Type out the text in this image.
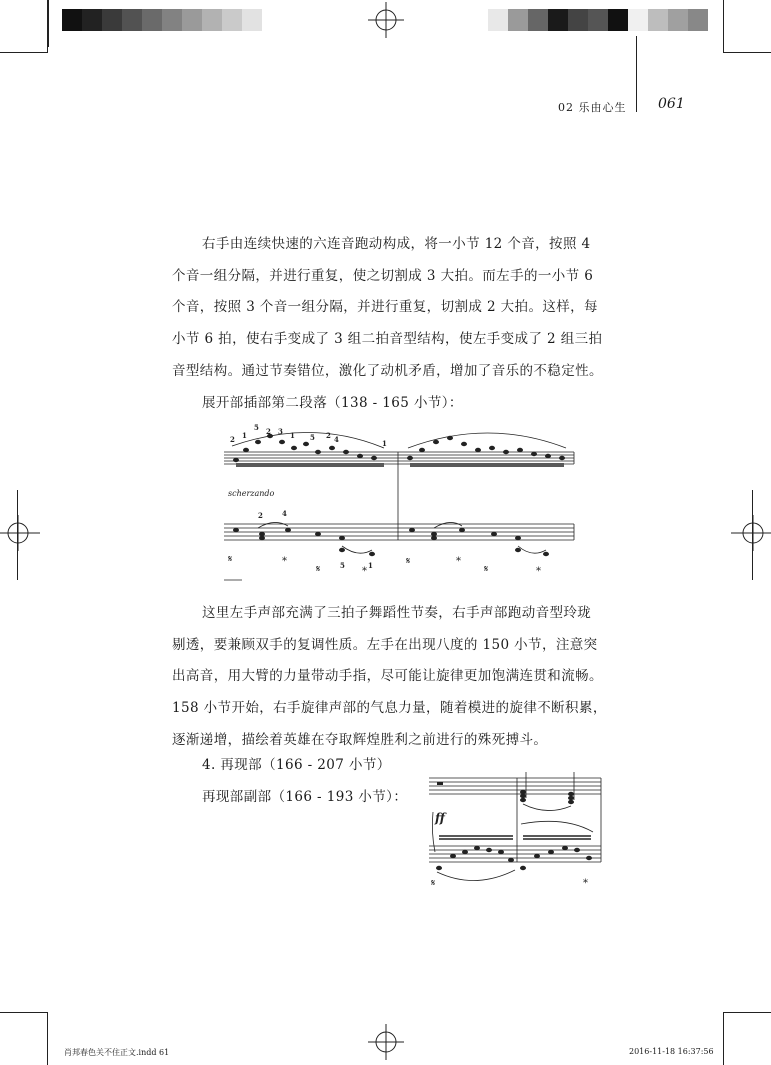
02 乐由心生 061
右手由连续快速的六连音跑动构成，将一小节 12 个音，按照 4
个音一组分隔，并进行重复，使之切割成 3 大拍。而左手的一小节 6
个音，按照 3 个音一组分隔，并进行重复，切割成 2 大拍。这样，每
小节 6 拍，使右手变成了 3 组二拍音型结构，使左手变成了 2 组三拍
音型结构。通过节奏错位，激化了动机矛盾，增加了音乐的不稳定性。
展开部插部第二段落（138 - 165 小节）：
2 1
5 2 3 1 5 2 4	1
2	4
5	1
scherzando
𝄋	*
𝄋	*
𝄋	*
𝄋	*
这里左手声部充满了三拍子舞蹈性节奏，右手声部跑动音型玲珑
剔透，要兼顾双手的复调性质。左手在出现八度的 150 小节，注意突
出高音，用大臂的力量带动手指，尽可能让旋律更加饱满连贯和流畅。
158 小节开始，右手旋律声部的气息力量，随着模进的旋律不断积累，
逐渐递增，描绘着英雄在夺取辉煌胜利之前进行的殊死搏斗。
4. 再现部（166 - 207 小节）
再现部副部（166 - 193 小节）：
ff
𝄋	*
肖邦春色关不住正文.indd 61	2016-11-18 16:37:56
